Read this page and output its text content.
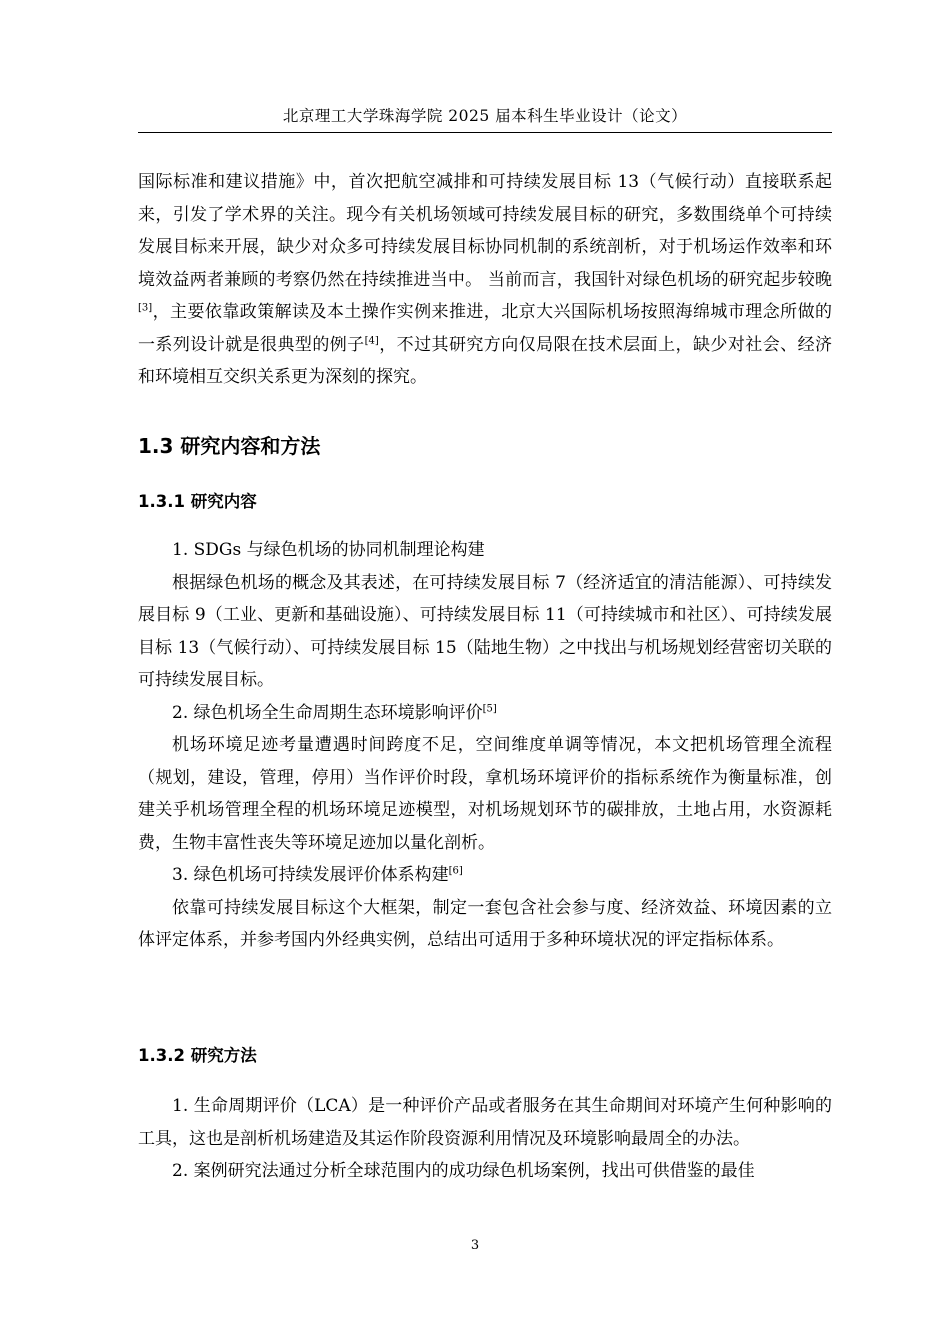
北京理工大学珠海学院 2025 届本科生毕业设计（论文）

国际标准和建议措施》中，首次把航空减排和可持续发展目标 13（气候行动）直接联系起来，引发了学术界的关注。现今有关机场领域可持续发展目标的研究，多数围绕单个可持续发展目标来开展，缺少对众多可持续发展目标协同机制的系统剖析，对于机场运作效率和环境效益两者兼顾的考察仍然在持续推进当中。 当前而言，我国针对绿色机场的研究起步较晚[3]，主要依靠政策解读及本土操作实例来推进，北京大兴国际机场按照海绵城市理念所做的一系列设计就是很典型的例子[4]，不过其研究方向仅局限在技术层面上，缺少对社会、经济和环境相互交织关系更为深刻的探究。

1.3 研究内容和方法
1.3.1 研究内容

1. SDGs 与绿色机场的协同机制理论构建

根据绿色机场的概念及其表述，在可持续发展目标 7（经济适宜的清洁能源）、可持续发展目标 9（工业、更新和基础设施）、可持续发展目标 11（可持续城市和社区）、可持续发展目标 13（气候行动）、可持续发展目标 15（陆地生物）之中找出与机场规划经营密切关联的可持续发展目标。

2. 绿色机场全生命周期生态环境影响评价[5]

机场环境足迹考量遭遇时间跨度不足，空间维度单调等情况，本文把机场管理全流程（规划，建设，管理，停用）当作评价时段，拿机场环境评价的指标系统作为衡量标准，创建关乎机场管理全程的机场环境足迹模型，对机场规划环节的碳排放，土地占用，水资源耗费，生物丰富性丧失等环境足迹加以量化剖析。

3. 绿色机场可持续发展评价体系构建[6]

依靠可持续发展目标这个大框架，制定一套包含社会参与度、经济效益、环境因素的立体评定体系，并参考国内外经典实例，总结出可适用于多种环境状况的评定指标体系。

1.3.2 研究方法

1. 生命周期评价（LCA）是一种评价产品或者服务在其生命期间对环境产生何种影响的工具，这也是剖析机场建造及其运作阶段资源利用情况及环境影响最周全的办法。

2. 案例研究法通过分析全球范围内的成功绿色机场案例，找出可供借鉴的最佳

3
